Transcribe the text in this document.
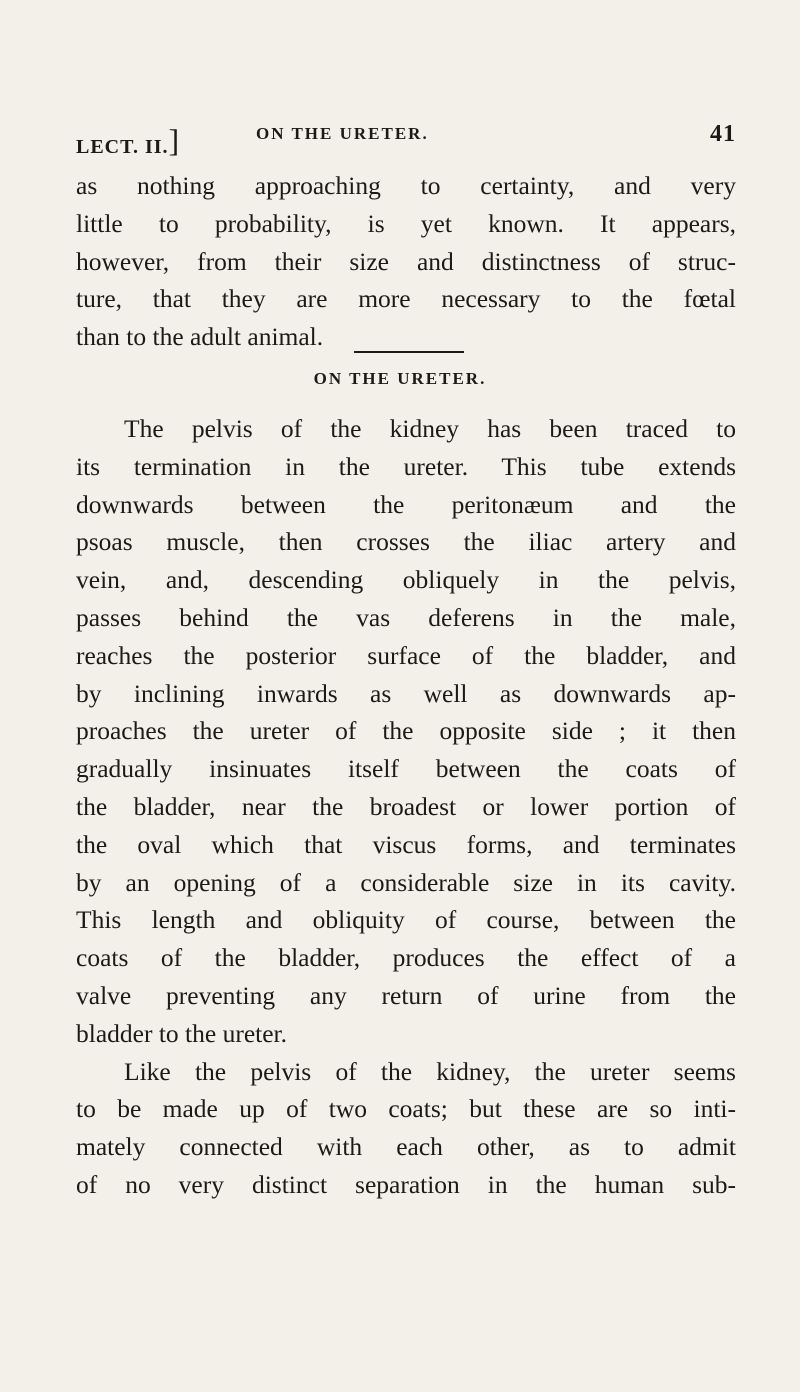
LECT. II.]	ON THE URETER.	41
as nothing approaching to certainty, and very
little to probability, is yet known. It appears,
however, from their size and distinctness of struc-
ture, that they are more necessary to the fœtal
than to the adult animal.
ON THE URETER.
The pelvis of the kidney has been traced to
its termination in the ureter. This tube extends
downwards between the peritonæum and the
psoas muscle, then crosses the iliac artery and
vein, and, descending obliquely in the pelvis,
passes behind the vas deferens in the male,
reaches the posterior surface of the bladder, and
by inclining inwards as well as downwards ap-
proaches the ureter of the opposite side ; it then
gradually insinuates itself between the coats of
the bladder, near the broadest or lower portion of
the oval which that viscus forms, and terminates
by an opening of a considerable size in its cavity.
This length and obliquity of course, between the
coats of the bladder, produces the effect of a
valve preventing any return of urine from the
bladder to the ureter.
Like the pelvis of the kidney, the ureter seems
to be made up of two coats; but these are so inti-
mately connected with each other, as to admit
of no very distinct separation in the human sub-
